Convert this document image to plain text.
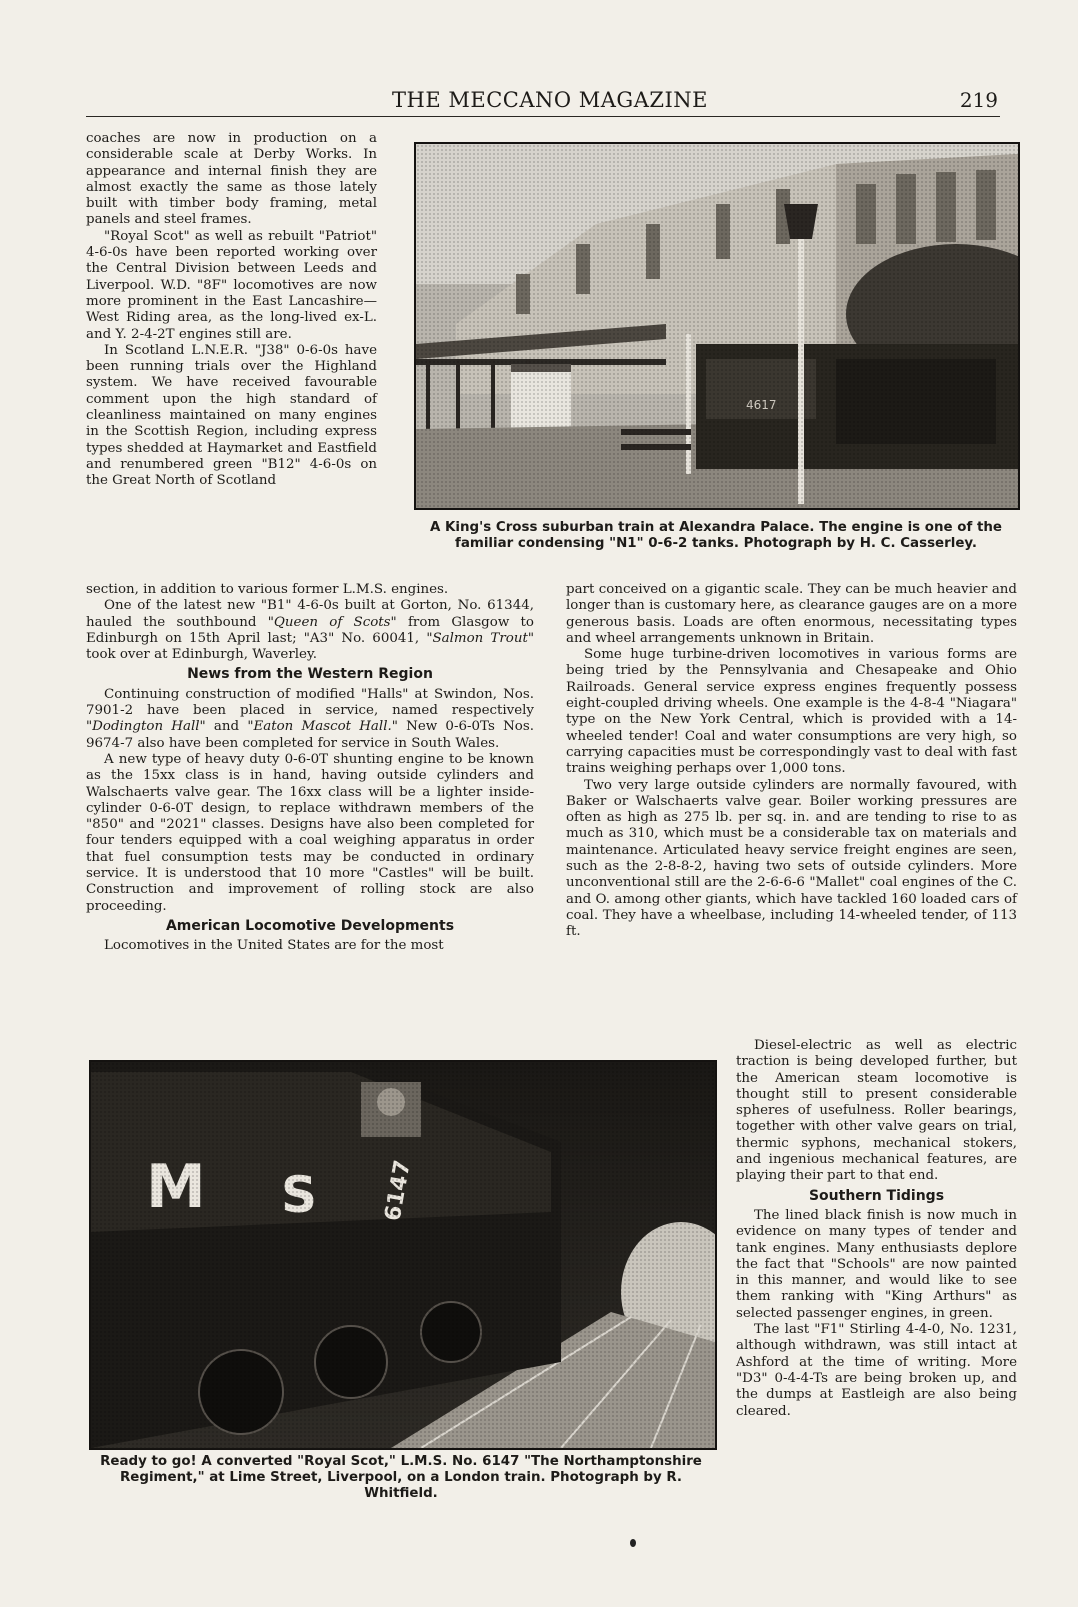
THE MECCANO MAGAZINE	219

coaches are now in production on a considerable scale at Derby Works. In appearance and internal finish they are almost exactly the same as those lately built with timber body framing, metal panels and steel frames.

"Royal Scot" as well as rebuilt "Patriot" 4-6-0s have been reported working over the Central Division between Leeds and Liverpool. W.D. "8F" locomotives are now more prominent in the East Lancashire—West Riding area, as the long-lived ex-L. and Y. 2-4-2T engines still are.

In Scotland L.N.E.R. "J38" 0-6-0s have been running trials over the Highland system. We have received favourable comment upon the high standard of cleanliness maintained on many engines in the Scottish Region, including express types shedded at Haymarket and Eastfield and renumbered green "B12" 4-6-0s on the Great North of Scotland

section, in addition to various former L.M.S. engines.

One of the latest new "B1" 4-6-0s built at Gorton, No. 61344, hauled the southbound "Queen of Scots" from Glasgow to Edinburgh on 15th April last; "A3" No. 60041, "Salmon Trout" took over at Edinburgh, Waverley.

News from the Western Region

Continuing construction of modified "Halls" at Swindon, Nos. 7901-2 have been placed in service, named respectively "Dodington Hall" and "Eaton Mascot Hall." New 0-6-0Ts Nos. 9674-7 also have been completed for service in South Wales.

A new type of heavy duty 0-6-0T shunting engine to be known as the 15xx class is in hand, having outside cylinders and Walschaerts valve gear. The 16xx class will be a lighter inside-cylinder 0-6-0T design, to replace withdrawn members of the "850" and "2021" classes. Designs have also been completed for four tenders equipped with a coal weighing apparatus in order that fuel consumption tests may be conducted in ordinary service. It is understood that 10 more "Castles" will be built. Construction and improvement of rolling stock are also proceeding.

American Locomotive Developments

Locomotives in the United States are for the most

part conceived on a gigantic scale. They can be much heavier and longer than is customary here, as clearance gauges are on a more generous basis. Loads are often enormous, necessitating types and wheel arrangements unknown in Britain.

Some huge turbine-driven locomotives in various forms are being tried by the Pennsylvania and Chesapeake and Ohio Railroads. General service express engines frequently possess eight-coupled driving wheels. One example is the 4-8-4 "Niagara" type on the New York Central, which is provided with a 14-wheeled tender! Coal and water consumptions are very high, so carrying capacities must be correspondingly vast to deal with fast trains weighing perhaps over 1,000 tons.

Two very large outside cylinders are normally favoured, with Baker or Walschaerts valve gear. Boiler working pressures are often as high as 275 lb. per sq. in. and are tending to rise to as much as 310, which must be a considerable tax on materials and maintenance. Articulated heavy service freight engines are seen, such as the 2-8-8-2, having two sets of outside cylinders. More unconventional still are the 2-6-6-6 "Mallet" coal engines of the C. and O. among other giants, which have tackled 160 loaded cars of coal. They have a wheelbase, including 14-wheeled tender, of 113 ft.

Diesel-electric as well as electric traction is being developed further, but the American steam locomotive is thought still to present considerable spheres of usefulness. Roller bearings, together with other valve gears on trial, thermic syphons, mechanical stokers, and ingenious mechanical features, are playing their part to that end.

Southern Tidings

The lined black finish is now much in evidence on many types of tender and tank engines. Many enthusiasts deplore the fact that "Schools" are now painted in this manner, and would like to see them ranking with "King Arthurs" as selected passenger engines, in green.

The last "F1" Stirling 4-4-0, No. 1231, although withdrawn, was still intact at Ashford at the time of writing. More "D3" 0-4-4-Ts are being broken up, and the dumps at Eastleigh are also being cleared.

A King's Cross suburban train at Alexandra Palace. The engine is one of the familiar condensing "N1" 0-6-2 tanks. Photograph by H. C. Casserley.
Ready to go! A converted "Royal Scot," L.M.S. No. 6147 "The Northamptonshire Regiment," at Lime Street, Liverpool, on a London train. Photograph by R. Whitfield.
